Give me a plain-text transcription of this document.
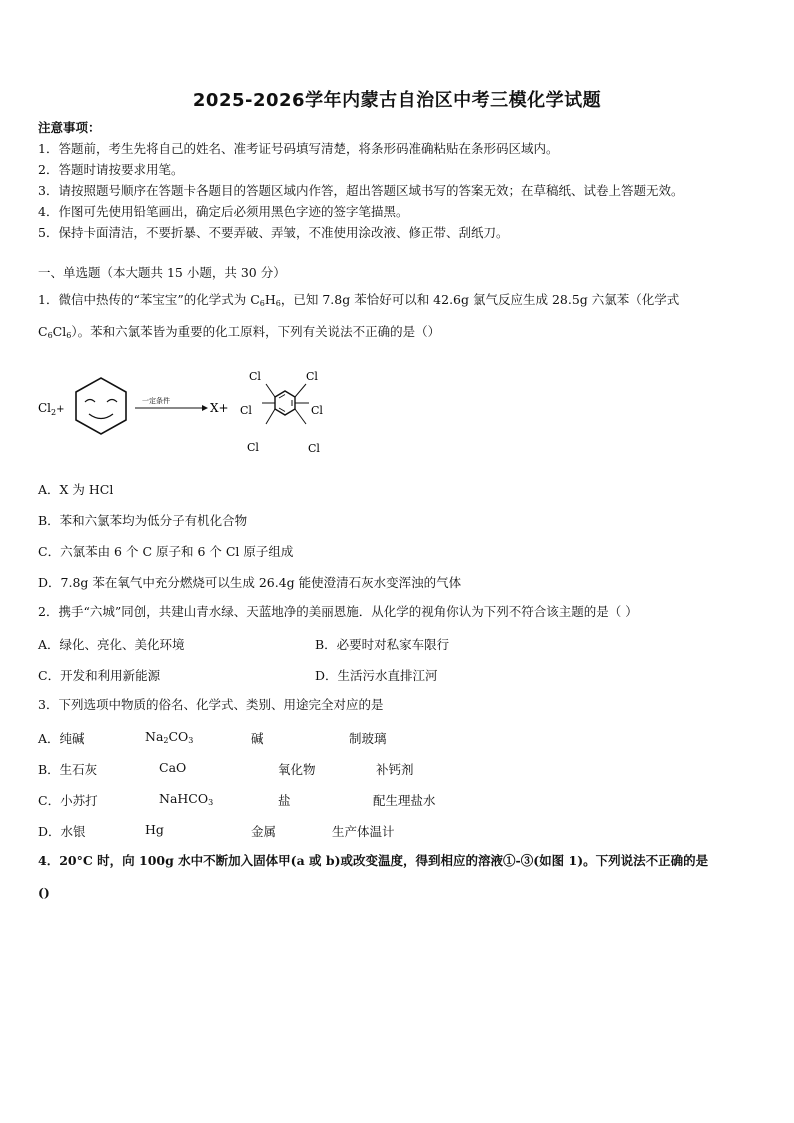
2025-2026学年内蒙古自治区中考三模化学试题
注意事项：
1．答题前，考生先将自己的姓名、准考证号码填写清楚，将条形码准确粘贴在条形码区域内。
2．答题时请按要求用笔。
3．请按照题号顺序在答题卡各题目的答题区域内作答，超出答题区域书写的答案无效；在草稿纸、试卷上答题无效。
4．作图可先使用铅笔画出，确定后必须用黑色字迹的签字笔描黑。
5．保持卡面清洁，不要折暴、不要弄破、弄皱，不准使用涂改液、修正带、刮纸刀。
一、单选题（本大题共 15 小题，共 30 分）
1．微信中热传的“苯宝宝”的化学式为 $C_6H_6$，已知 7.8g 苯恰好可以和 42.6g 氯气反应生成 28.5g 六氯苯（化学式
$C_6Cl_6$）。苯和六氯苯皆为重要的化工原料，下列有关说法不正确的是（）
$Cl_2^+$
一定条件	X+
Cl	Cl
Cl
Cl
Cl	Cl
A．X 为 HCl
B．苯和六氯苯均为低分子有机化合物
C．六氯苯由 6 个 C 原子和 6 个 Cl 原子组成
D．7.8g 苯在氧气中充分燃烧可以生成 26.4g 能使澄清石灰水变浑浊的气体
2．携手“六城”同创，共建山青水绿、天蓝地净的美丽恩施．从化学的视角你认为下列不符合该主题的是（ ）
A．绿化、亮化、美化环境	B．必要时对私家车限行
C．开发和利用新能源	D．生活污水直排江河
3．下列选项中物质的俗名、化学式、类别、用途完全对应的是
A．纯碱	$Na_2CO_3$	碱	制玻璃
B．生石灰	CaO	氧化物	补钙剂
C．小苏打	NaHCO$_3$	盐	配生理盐水
D．水银	Hg	金属	生产体温计
4．20°C 时，向 100g 水中不断加入固体甲(a 或 b)或改变温度，得到相应的溶液①-③(如图 1)。下列说法不正确的是
()
